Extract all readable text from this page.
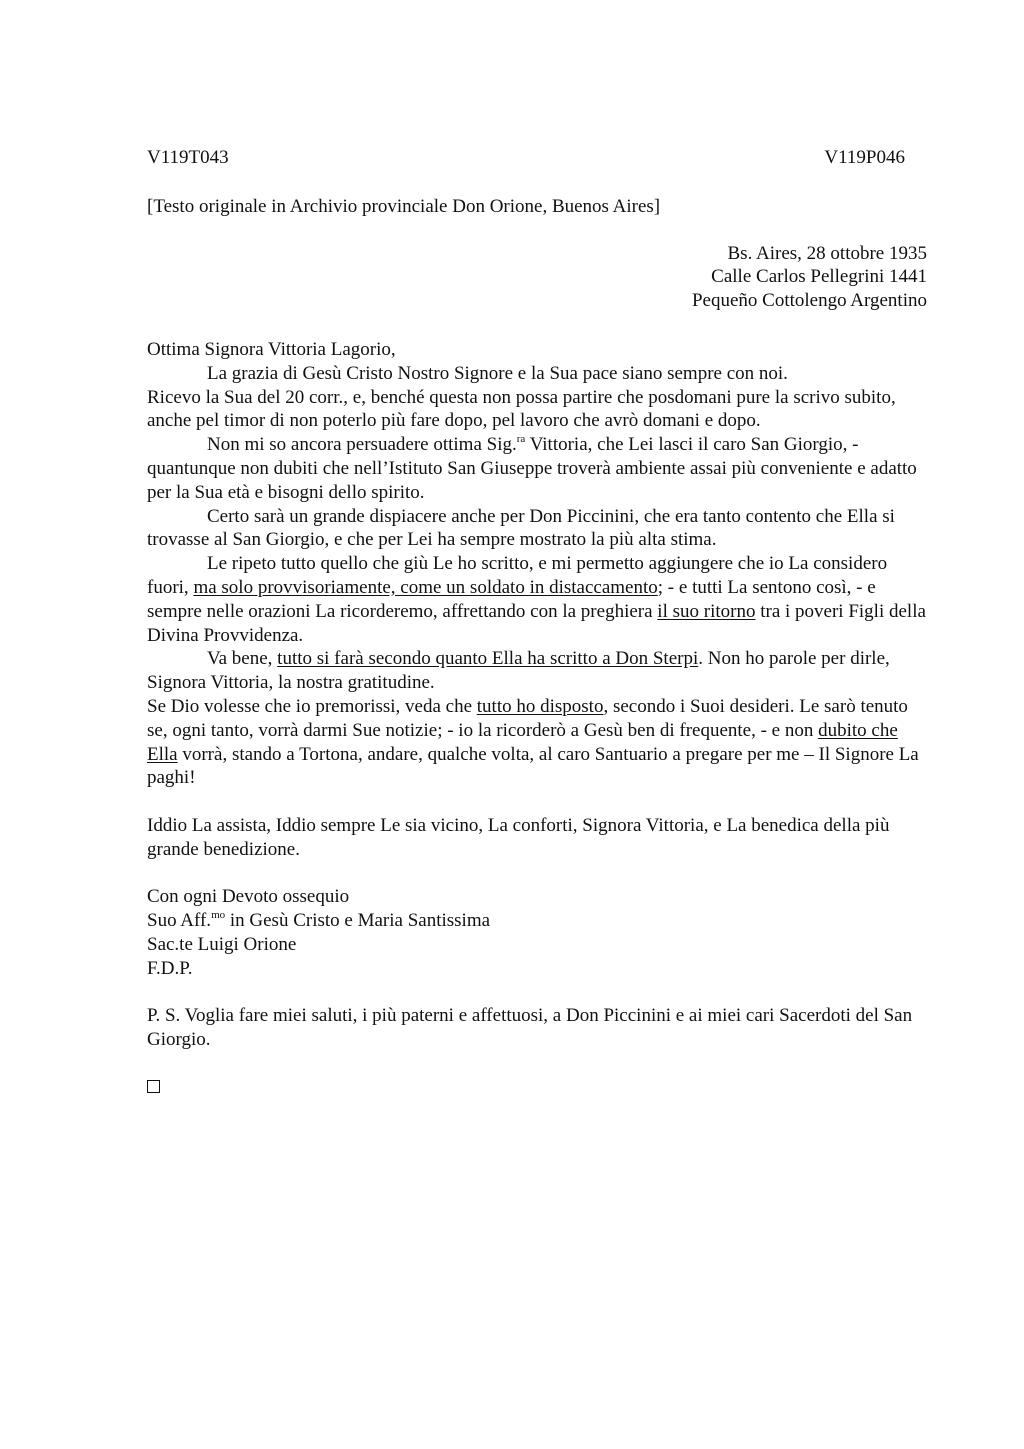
V119T043	V119P046
[Testo originale in Archivio provinciale Don Orione, Buenos Aires]
Bs. Aires, 28 ottobre 1935
Calle Carlos Pellegrini 1441
Pequeño Cottolengo Argentino

Ottima Signora Vittoria Lagorio,

La grazia di Gesù Cristo Nostro Signore e la Sua pace siano sempre con noi.

Ricevo la Sua del 20 corr., e, benché questa non possa partire che posdomani pure la scrivo subito, anche pel timor di non poterlo più fare dopo, pel lavoro che avrò domani e dopo.

Non mi so ancora persuadere ottima Sig.$^{ra}$ Vittoria, che Lei lasci il caro San Giorgio, - quantunque non dubiti che nell’Istituto San Giuseppe troverà ambiente assai più conveniente e adatto per la Sua età e bisogni dello spirito.

Certo sarà un grande dispiacere anche per Don Piccinini, che era tanto contento che Ella si trovasse al San Giorgio, e che per Lei ha sempre mostrato la più alta stima.

Le ripeto tutto quello che giù Le ho scritto, e mi permetto aggiungere che io La considero fuori, ma solo provvisoriamente, come un soldato in distaccamento; - e tutti La sentono così, - e sempre nelle orazioni La ricorderemo, affrettando con la preghiera il suo ritorno tra i poveri Figli della Divina Provvidenza.

Va bene, tutto si farà secondo quanto Ella ha scritto a Don Sterpi. Non ho parole per dirle, Signora Vittoria, la nostra gratitudine.

Se Dio volesse che io premorissi, veda che tutto ho disposto, secondo i Suoi desideri. Le sarò tenuto se, ogni tanto, vorrà darmi Sue notizie; - io la ricorderò a Gesù ben di frequente, - e non dubito che Ella vorrà, stando a Tortona, andare, qualche volta, al caro Santuario a pregare per me – Il Signore La paghi!

Iddio La assista, Iddio sempre Le sia vicino, La conforti, Signora Vittoria, e La benedica della più grande benedizione.

Con ogni Devoto ossequio
Suo Aff.$^{mo}$ in Gesù Cristo e Maria Santissima
Sac.te Luigi Orione
F.D.P.

P. S. Voglia fare miei saluti, i più paterni e affettuosi, a Don Piccinini e ai miei cari Sacerdoti del San Giorgio.
